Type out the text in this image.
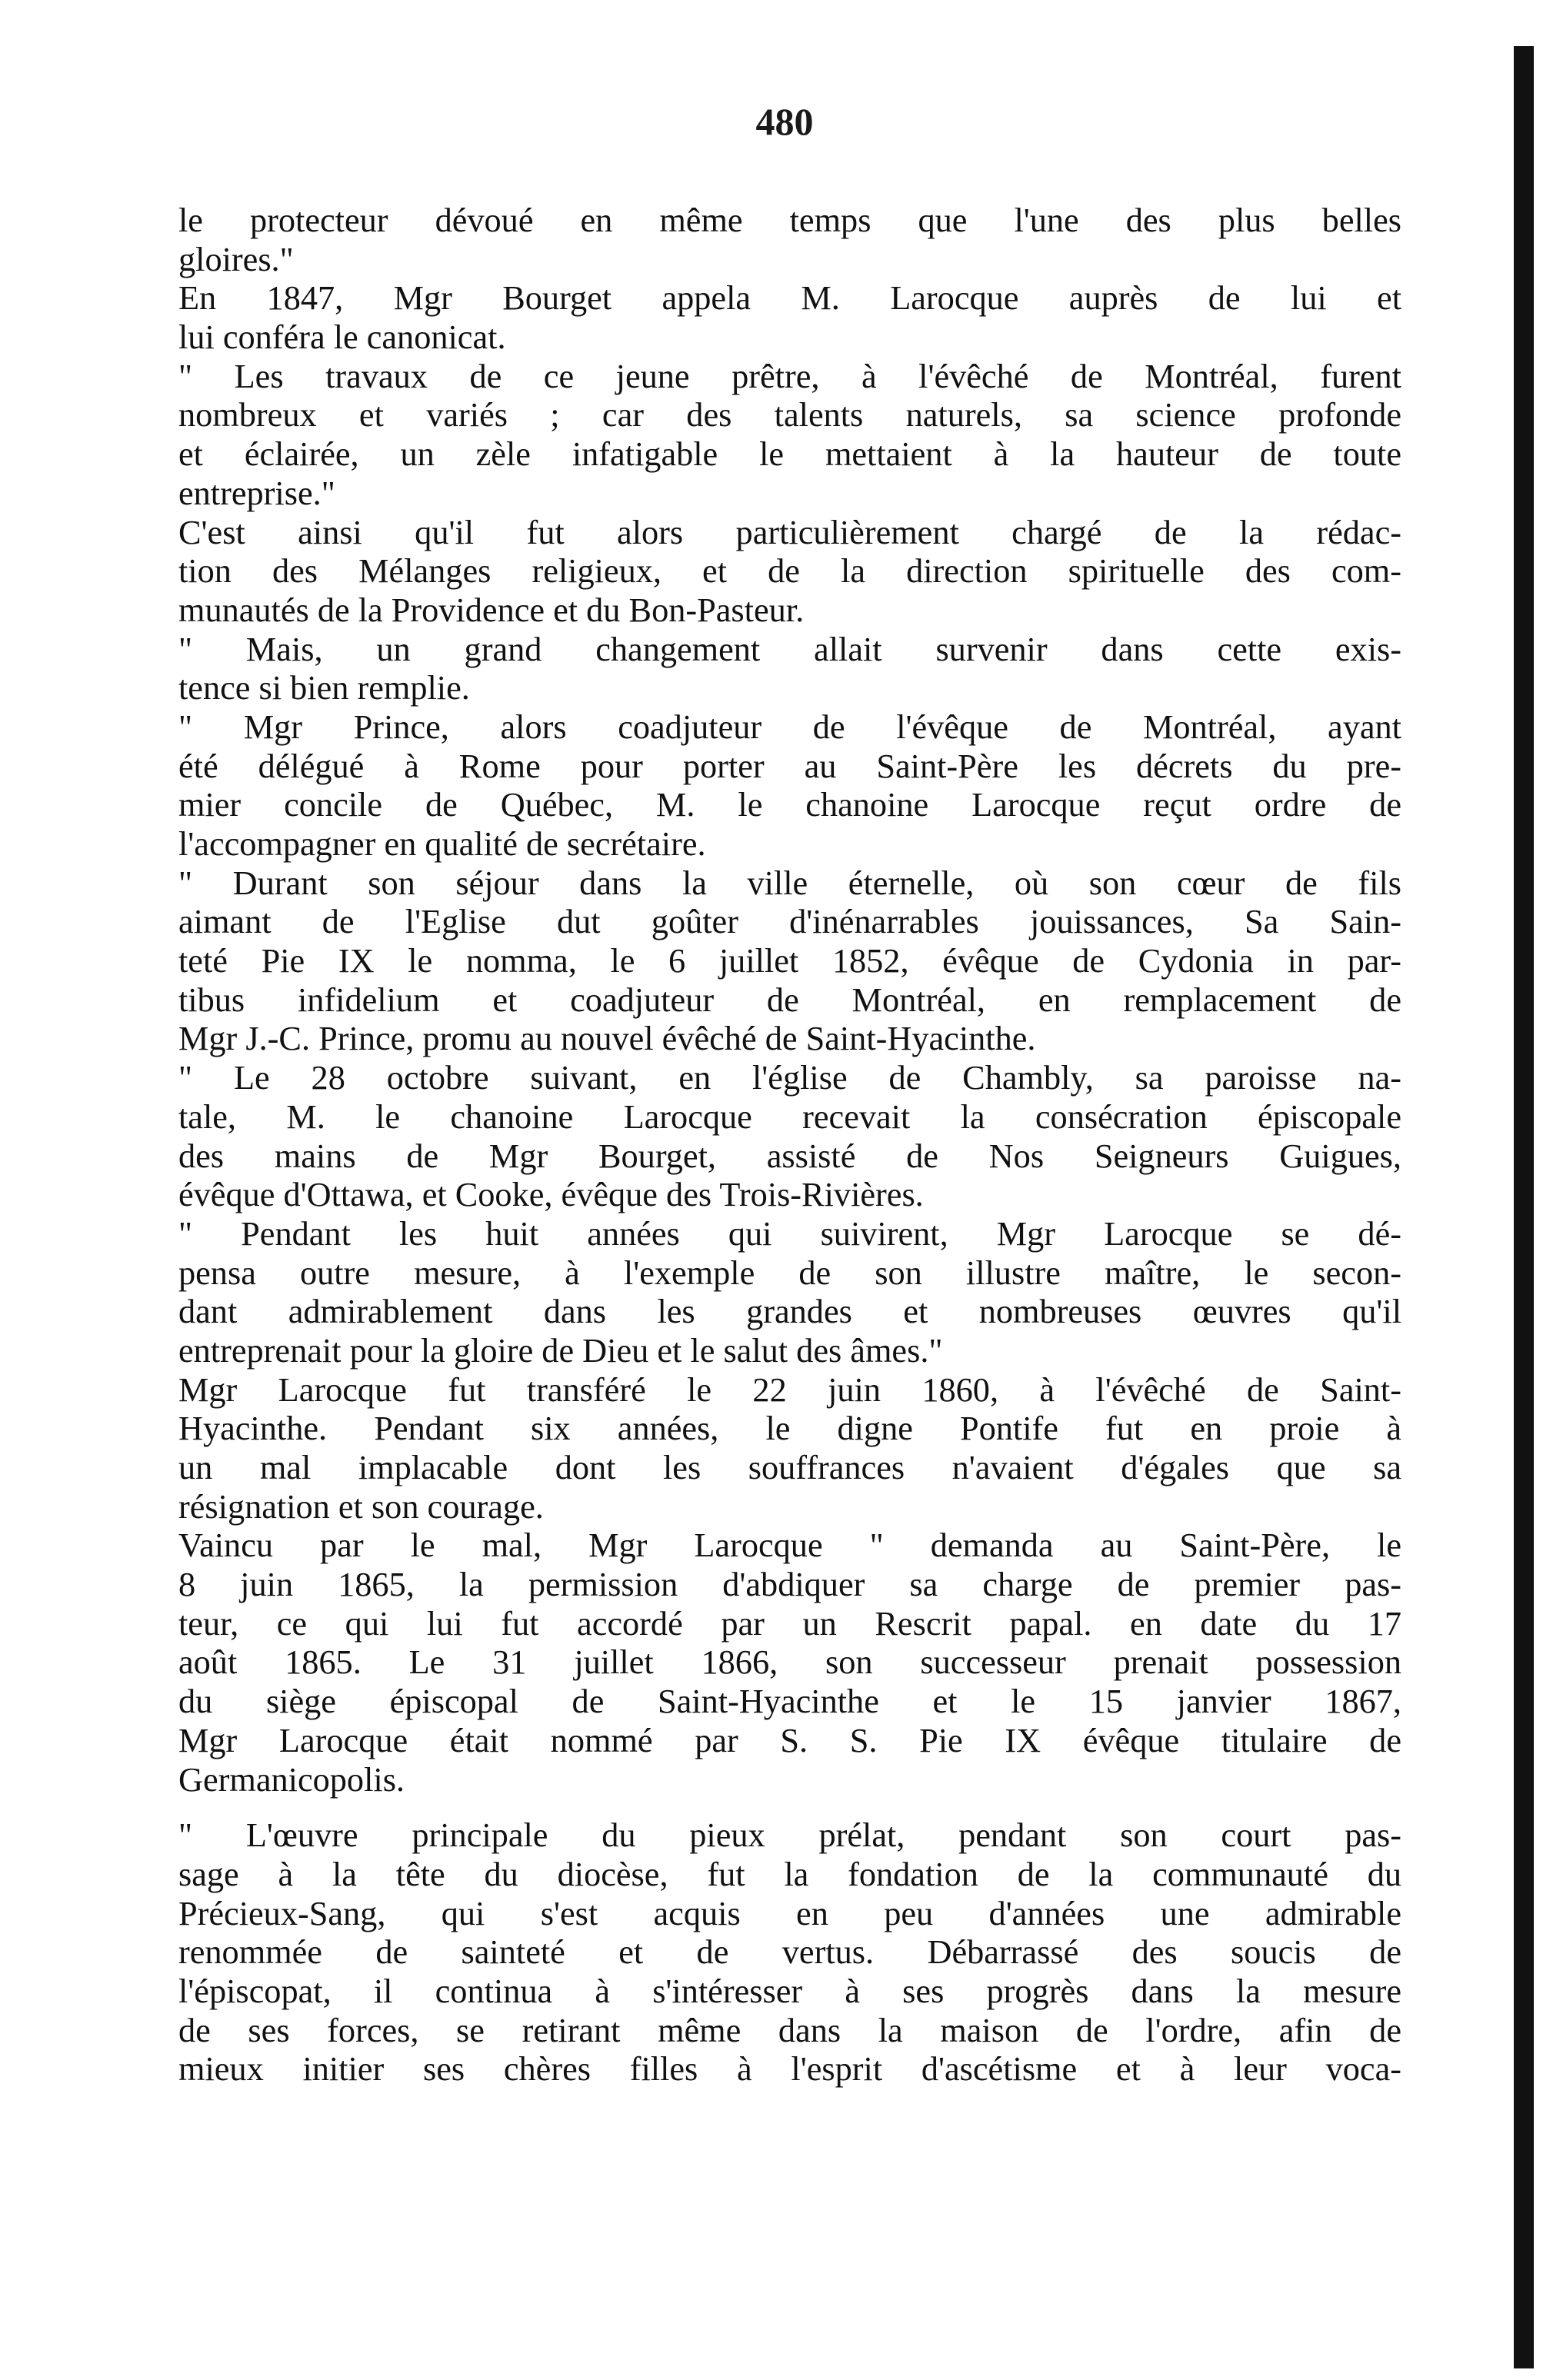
480
le protecteur dévoué en même temps que l'une des plus belles
gloires."
En 1847, Mgr Bourget appela M. Larocque auprès de lui et
lui conféra le canonicat.
" Les travaux de ce jeune prêtre, à l'évêché de Montréal, furent
nombreux et variés ; car des talents naturels, sa science profonde
et éclairée, un zèle infatigable le mettaient à la hauteur de toute
entreprise."
C'est ainsi qu'il fut alors particulièrement chargé de la rédac-
tion des Mélanges religieux, et de la direction spirituelle des com-
munautés de la Providence et du Bon-Pasteur.
" Mais, un grand changement allait survenir dans cette exis-
tence si bien remplie.
" Mgr Prince, alors coadjuteur de l'évêque de Montréal, ayant
été délégué à Rome pour porter au Saint-Père les décrets du pre-
mier concile de Québec, M. le chanoine Larocque reçut ordre de
l'accompagner en qualité de secrétaire.
" Durant son séjour dans la ville éternelle, où son cœur de fils
aimant de l'Eglise dut goûter d'inénarrables jouissances, Sa Sain-
teté Pie IX le nomma, le 6 juillet 1852, évêque de Cydonia in par-
tibus infidelium et coadjuteur de Montréal, en remplacement de
Mgr J.-C. Prince, promu au nouvel évêché de Saint-Hyacinthe.
" Le 28 octobre suivant, en l'église de Chambly, sa paroisse na-
tale, M. le chanoine Larocque recevait la consécration épiscopale
des mains de Mgr Bourget, assisté de Nos Seigneurs Guigues,
évêque d'Ottawa, et Cooke, évêque des Trois-Rivières.
" Pendant les huit années qui suivirent, Mgr Larocque se dé-
pensa outre mesure, à l'exemple de son illustre maître, le secon-
dant admirablement dans les grandes et nombreuses œuvres qu'il
entreprenait pour la gloire de Dieu et le salut des âmes."
Mgr Larocque fut transféré le 22 juin 1860, à l'évêché de Saint-
Hyacinthe. Pendant six années, le digne Pontife fut en proie à
un mal implacable dont les souffrances n'avaient d'égales que sa
résignation et son courage.
Vaincu par le mal, Mgr Larocque " demanda au Saint-Père, le
8 juin 1865, la permission d'abdiquer sa charge de premier pas-
teur, ce qui lui fut accordé par un Rescrit papal. en date du 17
août 1865. Le 31 juillet 1866, son successeur prenait possession
du siège épiscopal de Saint-Hyacinthe et le 15 janvier 1867,
Mgr Larocque était nommé par S. S. Pie IX évêque titulaire de
Germanicopolis.
" L'œuvre principale du pieux prélat, pendant son court pas-
sage à la tête du diocèse, fut la fondation de la communauté du
Précieux-Sang, qui s'est acquis en peu d'années une admirable
renommée de sainteté et de vertus. Débarrassé des soucis de
l'épiscopat, il continua à s'intéresser à ses progrès dans la mesure
de ses forces, se retirant même dans la maison de l'ordre, afin de
mieux initier ses chères filles à l'esprit d'ascétisme et à leur voca-
